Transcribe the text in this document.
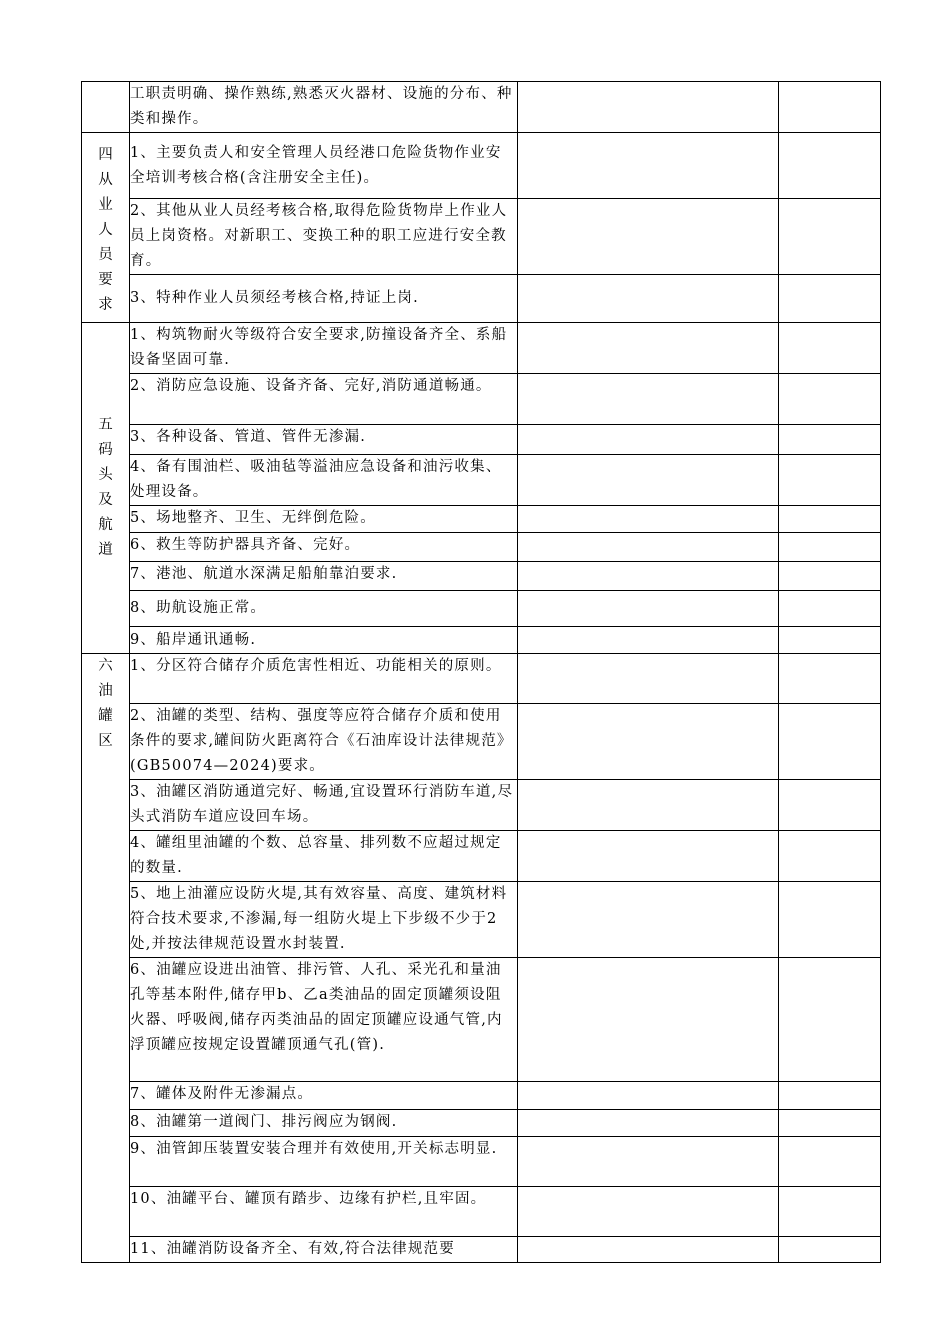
	工职责明确、操作熟练,熟悉灭火器材、设施的分布、种类和操作。		

四从业人员要求	1、主要负责人和安全管理人员经港口危险货物作业安全培训考核合格(含注册安全主任)。		

	2、其他从业人员经考核合格,取得危险货物岸上作业人员上岗资格。对新职工、变换工种的职工应进行安全教育。		

	3、特种作业人员须经考核合格,持证上岗.		

五码头及航道	1、构筑物耐火等级符合安全要求,防撞设备齐全、系船设备坚固可靠.		

	2、消防应急设施、设备齐备、完好,消防通道畅通。		

	3、各种设备、管道、管件无渗漏.		

	4、备有围油栏、吸油毡等溢油应急设备和油污收集、处理设备。		

	5、场地整齐、卫生、无绊倒危险。		

	6、救生等防护器具齐备、完好。		

	7、港池、航道水深满足船舶靠泊要求.		

	8、助航设施正常。		

	9、船岸通讯通畅.		

六油罐区	1、分区符合储存介质危害性相近、功能相关的原则。		

	2、油罐的类型、结构、强度等应符合储存介质和使用条件的要求,罐间防火距离符合《石油库设计法律规范》(GB50074—2024)要求。		

	3、油罐区消防通道完好、畅通,宜设置环行消防车道,尽头式消防车道应设回车场。		

	4、罐组里油罐的个数、总容量、排列数不应超过规定的数量.		

	5、地上油灌应设防火堤,其有效容量、高度、建筑材料符合技术要求,不渗漏,每一组防火堤上下步级不少于2处,并按法律规范设置水封装置.		

	6、油罐应设进出油管、排污管、人孔、采光孔和量油孔等基本附件,储存甲b、乙a类油品的固定顶罐须设阻火器、呼吸阀,储存丙类油品的固定顶罐应设通气管,内浮顶罐应按规定设置罐顶通气孔(管).		

	7、罐体及附件无渗漏点。		

	8、油罐第一道阀门、排污阀应为钢阀.		

	9、油管卸压装置安装合理并有效使用,开关标志明显.		

	10、油罐平台、罐顶有踏步、边缘有护栏,且牢固。		

	11、油罐消防设备齐全、有效,符合法律规范要		
